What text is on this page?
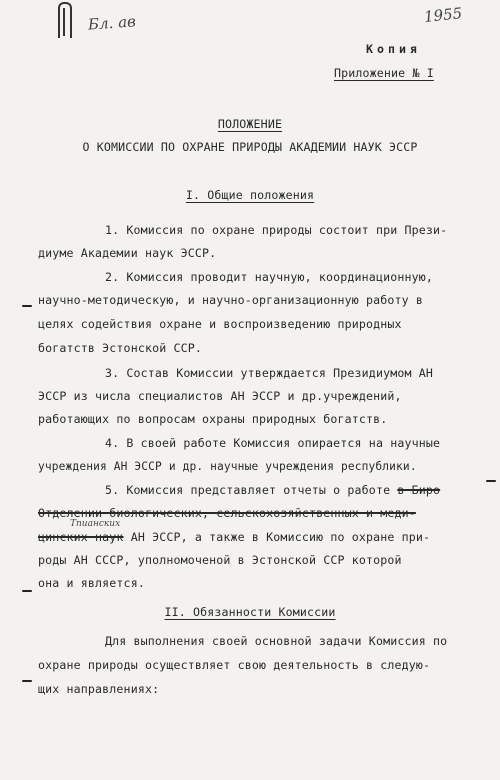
Бл. ав	1955
Копия
Приложение № I
ПОЛОЖЕНИЕ
О КОМИССИИ ПО ОХРАНЕ ПРИРОДЫ АКАДЕМИИ НАУК ЭССР
I. Общие положения
1. Комиссия по охране природы состоит при Прези-
диуме Академии наук ЭССР.
2. Комиссия проводит научную, координационную,
научно-методическую, и научно-организационную работу в
целях содействия охране и воспроизведению природных
богатств Эстонской ССР.
3. Состав Комиссии утверждается Президиумом АН
ЭССР из числа специалистов АН ЭССР и др.учреждений,
работающих по вопросам охраны природных богатств.
4. В своей работе Комиссия опирается на научные
учреждения АН ЭССР и др. научные учреждения республики.
5. Комиссия представляет отчеты о работе в Биро
Отделении биологических, сельскохозяйственных и меди-
Тпианских
цинских наук АН ЭССР, а также в Комиссию по охране при-
роды АН СССР, уполномоченой в Эстонской ССР которой
она и является.
II. Обязанности Комиссии
Для выполнения своей основной задачи Комиссия по
охране природы осуществляет свою деятельность в следую-
щих направлениях:
